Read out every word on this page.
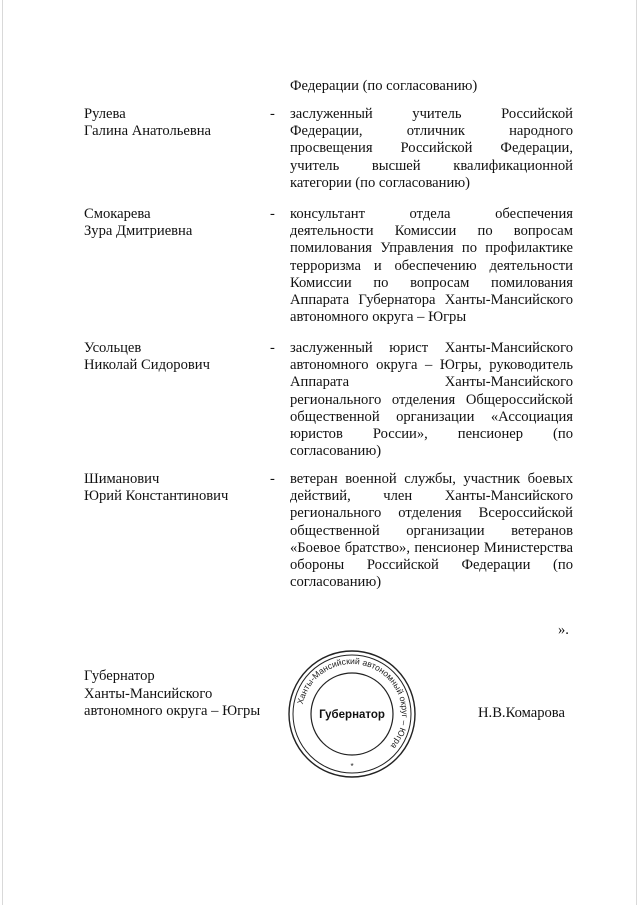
Федерации (по согласованию)
Рулева
Галина Анатольевна
-	заслуженный учитель Российской Федерации, отличник народного просвещения Российской Федерации, учитель высшей квалификационной категории (по согласованию)
Смокарева
Зура Дмитриевна
-	консультант отдела обеспечения деятельности Комиссии по вопросам помилования Управления по профилактике терроризма и обеспечению деятельности Комиссии по вопросам помилования Аппарата Губернатора Ханты-Мансийского автономного округа – Югры
Усольцев
Николай Сидорович
-	заслуженный юрист Ханты-Мансийского автономного округа – Югры, руководитель Аппарата Ханты-Мансийского регионального отделения Общероссийской общественной организации «Ассоциация юристов России», пенсионер (по согласованию)
Шиманович
Юрий Константинович
-	ветеран военной службы, участник боевых действий, член Ханты-Мансийского регионального отделения Всероссийской общественной организации ветеранов «Боевое братство», пенсионер Министерства обороны Российской Федерации (по согласованию)
».
Губернатор
Ханты-Мансийского
автономного округа – Югры
Ханты-Мансийский автономный округ – Югра
Губернатор
*
Н.В.Комарова
